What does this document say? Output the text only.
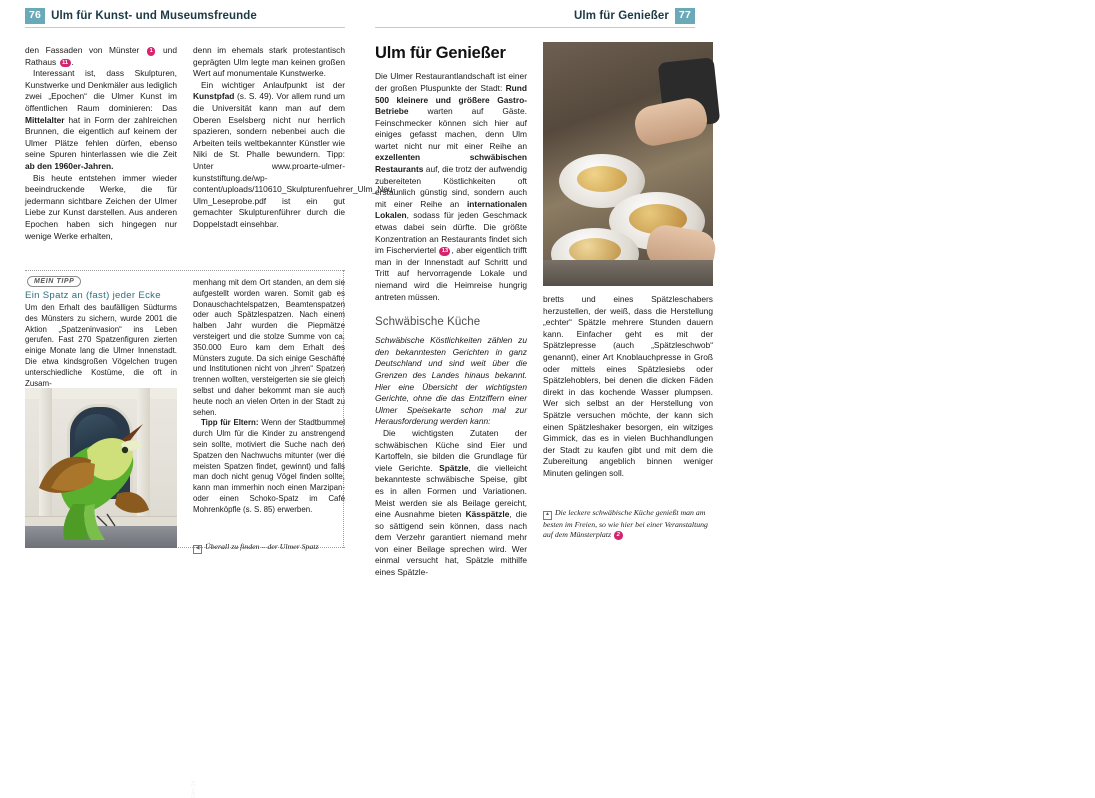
76 Ulm für Kunst- und Museumsfreunde	Ulm für Genießer 77

den Fassaden von Münster 1 und Rathaus 11 .

Interessant ist, dass Skulpturen, Kunstwerke und Denkmäler aus lediglich zwei „Epochen“ die Ulmer Kunst im öffentlichen Raum dominieren: Das Mittelalter hat in Form der zahlreichen Brunnen, die eigentlich auf keinem der Ulmer Plätze fehlen dürfen, ebenso seine Spuren hinterlassen wie die Zeit ab den 1960er-Jahren.

Bis heute entstehen immer wieder beeindruckende Werke, die für jedermann sichtbare Zeichen der Ulmer Liebe zur Kunst darstellen. Aus anderen Epochen haben sich hingegen nur wenige Werke erhalten,

denn im ehemals stark protestantisch geprägten Ulm legte man keinen großen Wert auf monumentale Kunstwerke.

Ein wichtiger Anlaufpunkt ist der Kunstpfad (s. S. 49). Vor allem rund um die Universität kann man auf dem Oberen Eselsberg nicht nur herrlich spazieren, sondern nebenbei auch die Arbeiten teils weltbekannter Künstler wie Niki de St. Phalle bewundern. Tipp: Unter www.proarte-ulmer-kunststiftung.de/wp-content/uploads/110610_Skulpturenfuehrer_Ulm_Neu-Ulm_Leseprobe.pdf ist ein gut gemachter Skulpturenführer durch die Doppelstadt einsehbar.

MEIN TIPP
Ein Spatz an (fast) jeder Ecke

Um den Erhalt des baufälligen Südturms des Münsters zu sichern, wurde 2001 die Aktion „Spatzeninvasion“ ins Leben gerufen. Fast 270 Spatzenfiguren zierten einige Monate lang die Ulmer Innenstadt. Die etwa kindsgroßen Vögelchen trugen unterschiedliche Kostüme, die oft in Zusam-

menhang mit dem Ort standen, an dem sie aufgestellt worden waren. Somit gab es Donauschachtelspatzen, Beamtenspatzen oder auch Spätzlespatzen. Nach einem halben Jahr wurden die Piepmätze versteigert und die stolze Summe von ca. 350.000 Euro kam dem Erhalt des Münsters zugute. Da sich einige Geschäfte und Institutionen nicht von „ihren“ Spatzen trennen wollten, versteigerten sie sie gleich selbst und daher bekommt man sie auch heute noch an vielen Orten in der Stadt zu sehen.

Tipp für Eltern: Wenn der Stadtbummel durch Ulm für die Kinder zu anstrengend sein sollte, motiviert die Suche nach den Spatzen den Nachwuchs mitunter (wer die meisten Spatzen findet, gewinnt) und falls man doch nicht genug Vögel finden sollte, kann man immerhin noch einen Marzipan- oder einen Schoko-Spatz im Café Mohrenköpfle (s. S. 85) erwerben.

Ulm 24
◀ Überall zu finden – der Ulmer Spatz
Ulm für Genießer

Die Ulmer Restaurantlandschaft ist einer der großen Pluspunkte der Stadt: Rund 500 kleinere und größere Gastro-Betriebe warten auf Gäste. Feinschmecker können sich hier auf einiges gefasst machen, denn Ulm wartet nicht nur mit einer Reihe an exzellenten schwäbischen Restaurants auf, die trotz der aufwendig zubereiteten Köstlichkeiten oft erstaunlich günstig sind, sondern auch mit einer Reihe an internationalen Lokalen, sodass für jeden Geschmack etwas dabei sein dürfte. Die größte Konzentration an Restaurants findet sich im Fischerviertel 13 , aber eigentlich trifft man in der Innenstadt auf Schritt und Tritt auf hervorragende Lokale und niemand wird die Heimreise hungrig antreten müssen.

Schwäbische Küche

Schwäbische Köstlichkeiten zählen zu den bekanntesten Gerichten in ganz Deutschland und sind weit über die Grenzen des Landes hinaus bekannt. Hier eine Übersicht der wichtigsten Gerichte, ohne die das Entziffern einer Ulmer Speisekarte schon mal zur Herausforderung werden kann:

Die wichtigsten Zutaten der schwäbischen Küche sind Eier und Kartoffeln, sie bilden die Grundlage für viele Gerichte. Spätzle, die vielleicht bekannteste schwäbische Speise, gibt es in allen Formen und Variationen. Meist werden sie als Beilage gereicht, eine Ausnahme bieten Kässpätzle, die so sättigend sein können, dass nach dem Verzehr garantiert niemand mehr von einer Beilage sprechen wird. Wer einmal versucht hat, Spätzle mithilfe eines Spätzle-

© Karl Ehrenfels, stock.adobe.com

bretts und eines Spätzleschabers herzustellen, der weiß, dass die Herstellung „echter“ Spätzle mehrere Stunden dauern kann. Einfacher geht es mit der Spätzlepresse (auch „Spätzleschwob“ genannt), einer Art Knoblauchpresse in Groß oder mittels eines Spätzlesiebs oder Spätzlehoblers, bei denen die dicken Fäden direkt in das kochende Wasser plumpsen. Wer sich selbst an der Herstellung von Spätzle versuchen möchte, der kann sich einen Spätzleshaker besorgen, ein witziges Gimmick, das es in vielen Buchhandlungen der Stadt zu kaufen gibt und mit dem die Zubereitung angeblich binnen weniger Minuten gelingen soll.

▲ Die leckere schwäbische Küche genießt man am besten im Freien, so wie hier bei einer Veranstaltung auf dem Münsterplatz 2
